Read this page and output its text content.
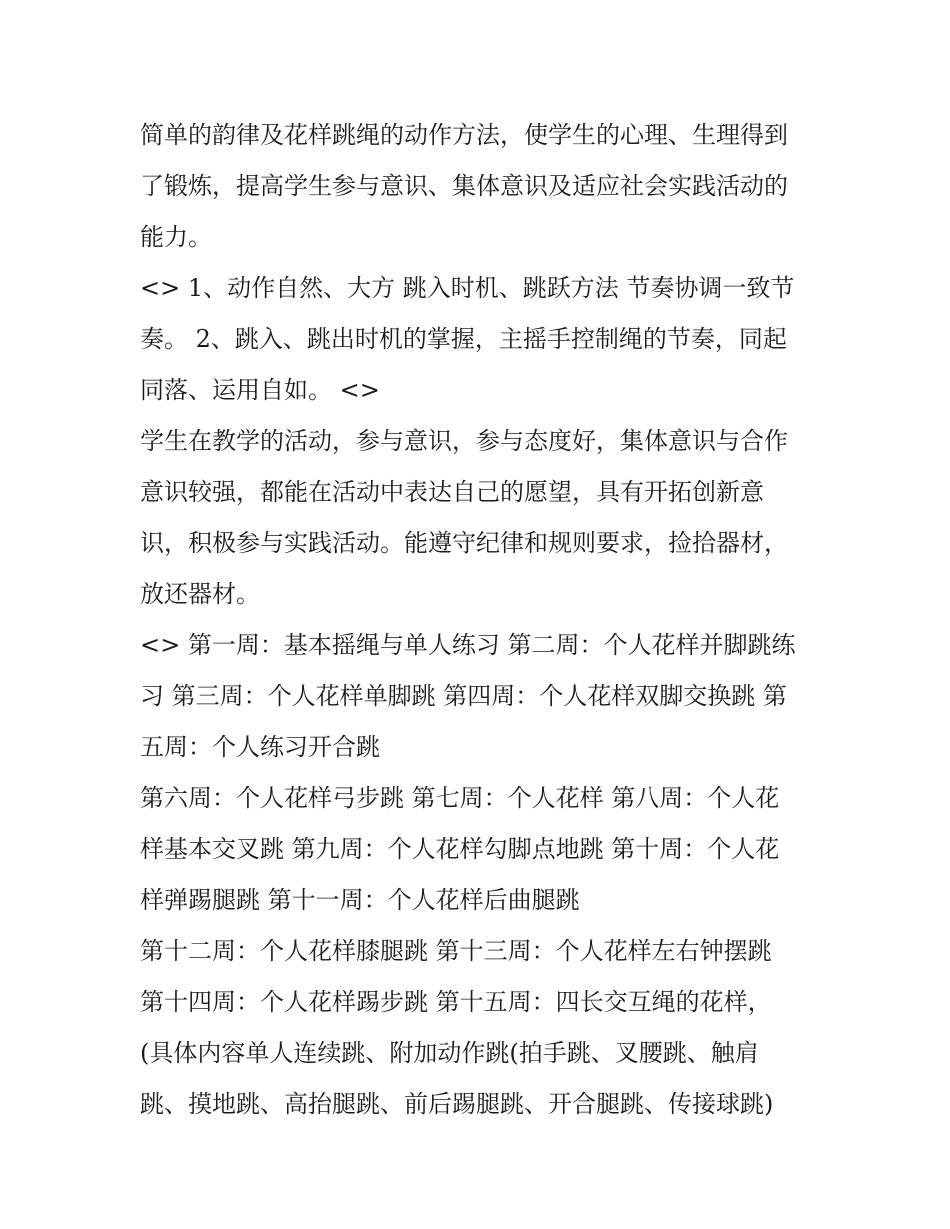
简单的韵律及花样跳绳的动作方法，使学生的心理、生理得到
了锻炼，提高学生参与意识、集体意识及适应社会实践活动的
能力。
<> 1、动作自然、大方 跳入时机、跳跃方法 节奏协调一致节
奏。 2、跳入、跳出时机的掌握，主摇手控制绳的节奏，同起
同落、运用自如。 <>
学生在教学的活动，参与意识，参与态度好，集体意识与合作
意识较强，都能在活动中表达自己的愿望，具有开拓创新意
识，积极参与实践活动。能遵守纪律和规则要求，捡拾器材，
放还器材。
<> 第一周：基本摇绳与单人练习 第二周：个人花样并脚跳练
习 第三周：个人花样单脚跳 第四周：个人花样双脚交换跳 第
五周：个人练习开合跳
第六周：个人花样弓步跳 第七周：个人花样 第八周：个人花
样基本交叉跳 第九周：个人花样勾脚点地跳 第十周：个人花
样弹踢腿跳 第十一周：个人花样后曲腿跳
第十二周：个人花样膝腿跳 第十三周：个人花样左右钟摆跳
第十四周：个人花样踢步跳 第十五周：四长交互绳的花样，
(具体内容单人连续跳、附加动作跳(拍手跳、叉腰跳、触肩
跳、摸地跳、高抬腿跳、前后踢腿跳、开合腿跳、传接球跳)
